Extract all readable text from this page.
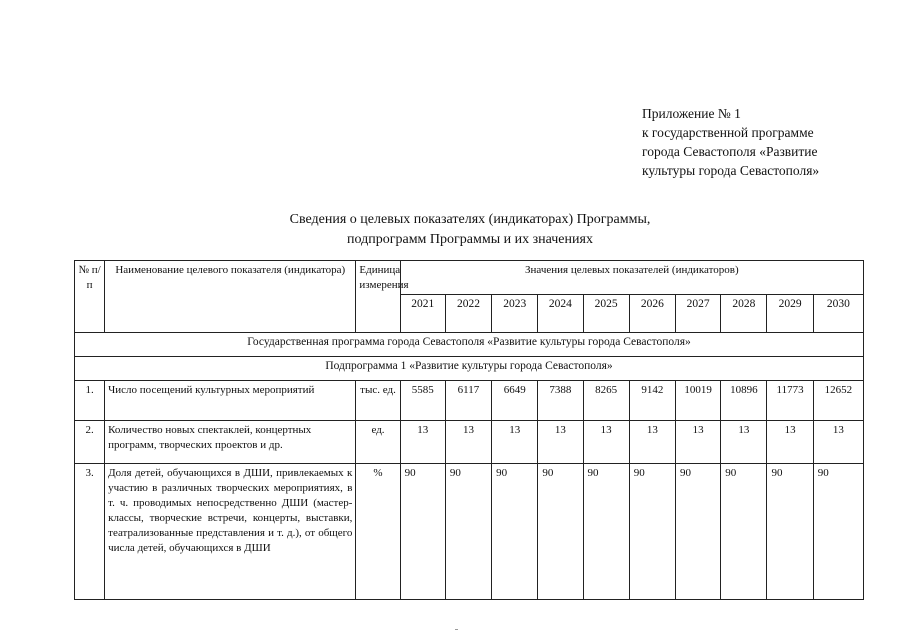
Приложение № 1
к государственной программе
города Севастополя «Развитие
культуры города Севастополя»
Сведения о целевых показателях (индикаторах) Программы,
подпрограмм Программы и их значениях
№ п/п	Наименование целевого показателя (индикатора)	Единица измерения	Значения целевых показателей (индикаторов)									
			2021	2022	2023	2024	2025	2026	2027	2028	2029	2030
Государственная программа города Севастополя «Развитие культуры города Севастополя»												
Подпрограмма 1 «Развитие культуры города Севастополя»												
1.	Число посещений культурных мероприятий	тыс. ед.	5585	6117	6649	7388	8265	9142	10019	10896	11773	12652
2.	Количество новых спектаклей, концертных программ, творческих проектов и др.	ед.	13	13	13	13	13	13	13	13	13	13
3.	Доля детей, обучающихся в ДШИ, привлекаемых к участию в различных творческих мероприятиях, в т. ч. проводимых непосредственно ДШИ (мастер-классы, творческие встречи, концерты, выставки, театрализованные представления и т. д.), от общего числа детей, обучающихся в ДШИ	%	90	90	90	90	90	90	90	90	90	90
